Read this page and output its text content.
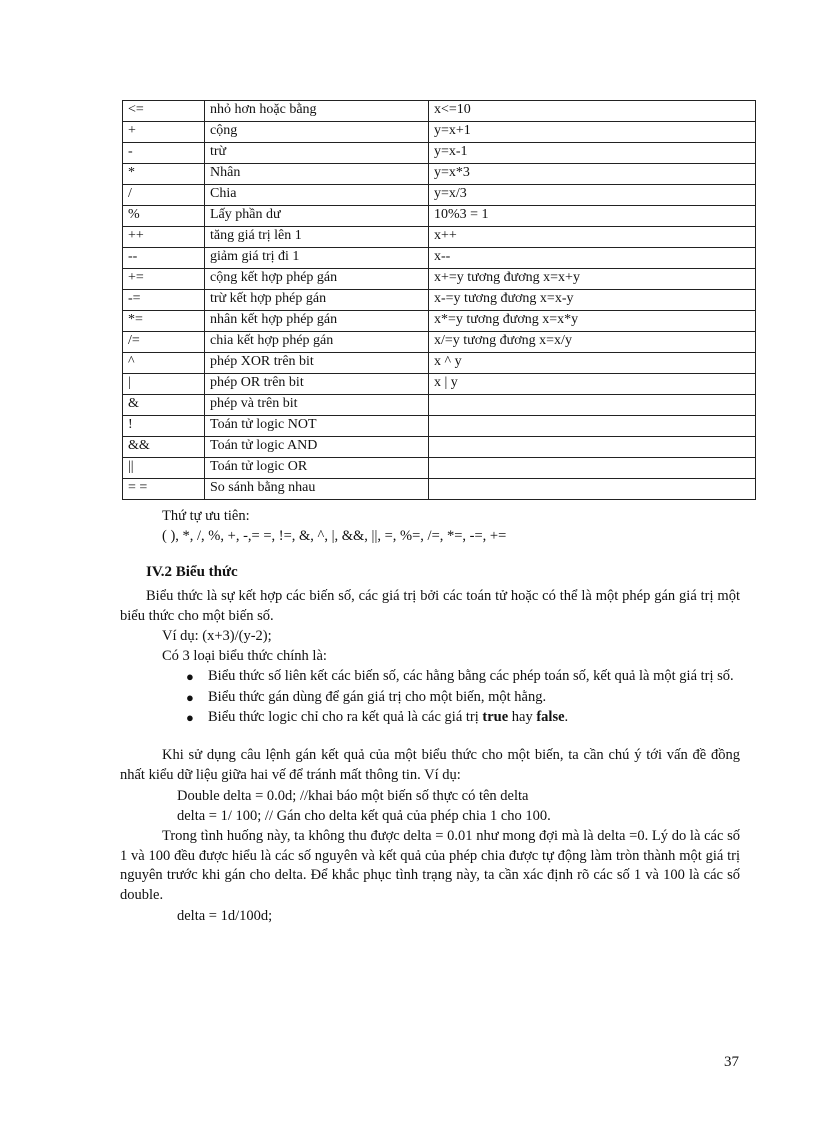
<=	nhỏ hơn hoặc bằng	x<=10
+	cộng	y=x+1
-	trừ	y=x-1
*	Nhân	y=x*3
/	Chia	y=x/3
%	Lấy phần dư	10%3 = 1
++	tăng giá trị lên 1	x++
--	giảm giá trị đi 1	x--
+=	cộng kết hợp phép gán	x+=y tương đương x=x+y
-=	trừ kết hợp phép gán	x-=y tương đương x=x-y
*=	nhân kết hợp phép gán	x*=y tương đương x=x*y
/=	chia kết hợp phép gán	x/=y tương đương x=x/y
^	phép XOR trên bit	x ^ y
|	phép OR trên bit	x | y
&	phép và trên bit	
!	Toán tử logic NOT	
&&	Toán tử logic AND	
||	Toán tử logic OR	
= =	So sánh bằng nhau	
Thứ tự ưu tiên:
( ), *, /, %, +, -,= =, !=, &, ^, |, &&, ||, =, %=, /=, *=, -=, +=
IV.2 Biểu thức
Biểu thức là sự kết hợp các biến số, các giá trị bởi các toán tử hoặc có thể là một phép gán giá trị một biểu thức cho một biến số.
Ví dụ: (x+3)/(y-2);
Có 3 loại biểu thức chính là:
● Biểu thức số liên kết các biến số, các hằng bằng các phép toán số, kết quả là một giá trị số.
● Biểu thức gán dùng để gán giá trị cho một biến, một hằng.
● Biểu thức logic chỉ cho ra kết quả là các giá trị true hay false.
Khi sử dụng câu lệnh gán kết quả của một biểu thức cho một biến, ta cần chú ý tới vấn đề đồng nhất kiểu dữ liệu giữa hai vế để tránh mất thông tin. Ví dụ:
Double delta = 0.0d; //khai báo một biến số thực có tên delta
delta = 1/ 100; // Gán cho delta kết quả của phép chia 1 cho 100.
Trong tình huống này, ta không thu được delta = 0.01 như mong đợi mà là delta =0. Lý do là các số 1 và 100 đều được hiểu là các số nguyên và kết quả của phép chia được tự động làm tròn thành một giá trị nguyên trước khi gán cho delta. Để khắc phục tình trạng này, ta cần xác định rõ các số 1 và 100 là các số double.
delta = 1d/100d;
37
